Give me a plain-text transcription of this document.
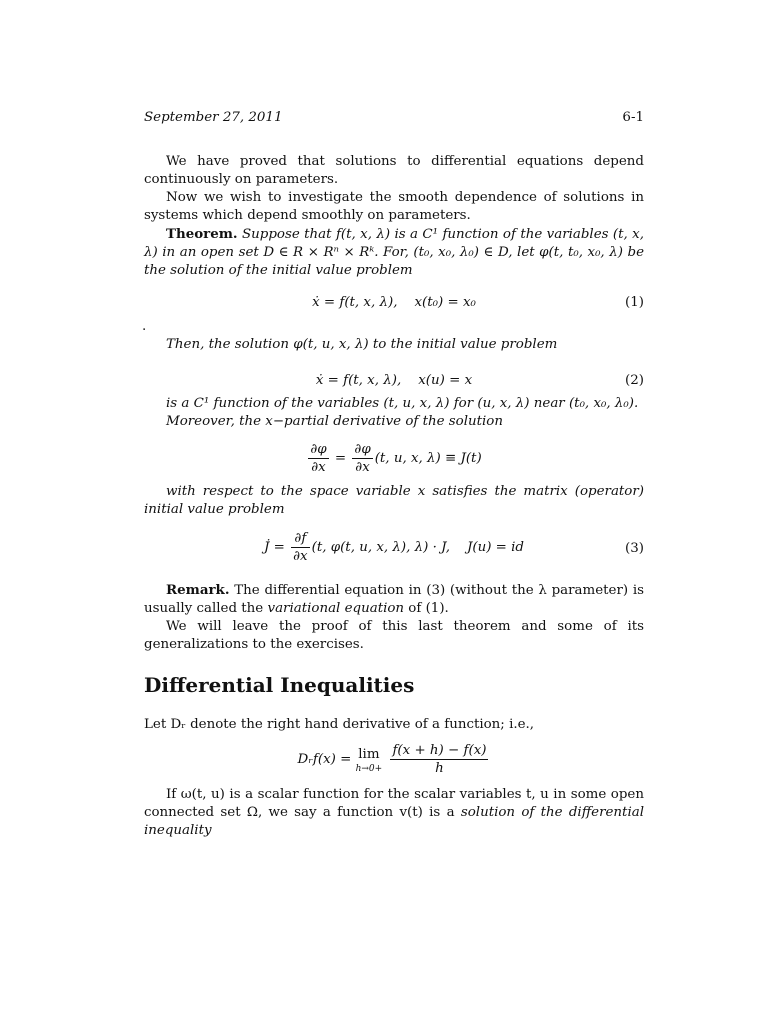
September 27, 2011	6-1

We have proved that solutions to differential equations depend continuously on parameters.

Now we wish to investigate the smooth dependence of solutions in systems which depend smoothly on parameters.

Theorem. Suppose that f(t, x, λ) is a C¹ function of the variables (t, x, λ) in an open set D ∈ R × Rⁿ × Rᵏ. For, (t₀, x₀, λ₀) ∈ D, let φ(t, t₀, x₀, λ) be the solution of the initial value problem

ẋ = f(t, x, λ),    x(t₀) = x₀	(1)
.

Then, the solution φ(t, u, x, λ) to the initial value problem

ẋ = f(t, x, λ),    x(u) = x	(2)

is a C¹ function of the variables (t, u, x, λ) for (u, x, λ) near (t₀, x₀, λ₀).

Moreover, the x−partial derivative of the solution

$\frac{\partial\varphi}{\partial x} = \frac{\partial\varphi}{\partial x} (t$, u, x, λ) ≡ J(t)

with respect to the space variable x satisfies the matrix (operator) initial value problem

J̇ = $\frac{\partial f}{\partial x} (t$, φ(t, u, x, λ), λ) · J,    J(u) = id	(3)

Remark. The differential equation in (3) (without the λ parameter) is usually called the variational equation of (1).

We will leave the proof of this last theorem and some of its generalizations to the exercises.

Differential Inequalities

Let Dᵣ denote the right hand derivative of a function; i.e.,

Dᵣf(x) = lim
h→0+
$\frac{f(x + h) - f(x)}{h}$

If ω(t, u) is a scalar function for the scalar variables t, u in some open connected set Ω, we say a function v(t) is a solution of the differential inequality
